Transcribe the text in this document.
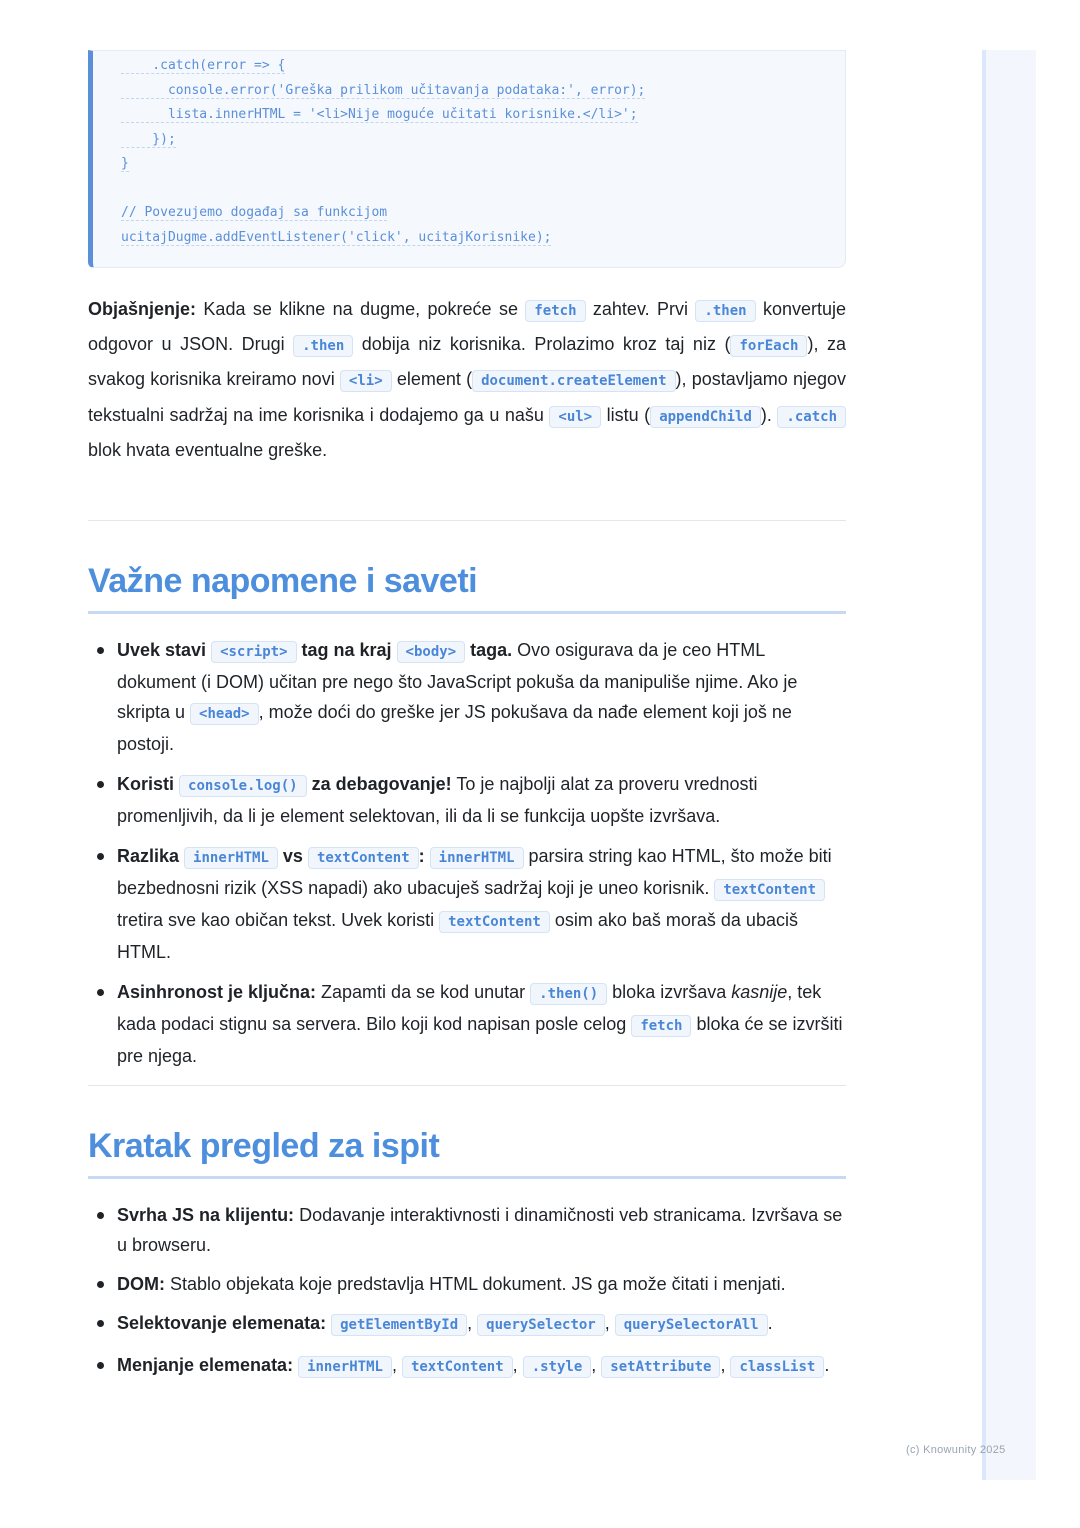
.catch(error => {
console.error('Greška prilikom učitavanja podataka:', error);
lista.innerHTML = '<li>Nije moguće učitati korisnike.</li>';
});
}
// Povezujemo događaj sa funkcijom
ucitajDugme.addEventListener('click', ucitajKorisnike);

Objašnjenje: Kada se klikne na dugme, pokreće se fetch zahtev. Prvi .then konvertuje odgovor u JSON. Drugi .then dobija niz korisnika. Prolazimo kroz taj niz ( forEach ), za svakog korisnika kreiramo novi <li> element ( document.createElement ), postavljamo njegov tekstualni sadržaj na ime korisnika i dodajemo ga u našu <ul> listu ( appendChild ). .catch blok hvata eventualne greške.

Važne napomene i saveti
Uvek stavi <script> tag na kraj <body> taga. Ovo osigurava da je ceo HTML dokument (i DOM) učitan pre nego što JavaScript pokuša da manipuliše njime. Ako je skripta u <head> , može doći do greške jer JS pokušava da nađe element koji još ne postoji.
Koristi console.log() za debagovanje! To je najbolji alat za proveru vrednosti promenljivih, da li je element selektovan, ili da li se funkcija uopšte izvršava.
Razlika innerHTML vs textContent : innerHTML parsira string kao HTML, što može biti bezbednosni rizik (XSS napadi) ako ubacuješ sadržaj koji je uneo korisnik. textContent tretira sve kao običan tekst. Uvek koristi textContent osim ako baš moraš da ubaciš HTML.
Asinhronost je ključna: Zapamti da se kod unutar .then() bloka izvršava kasnije, tek kada podaci stignu sa servera. Bilo koji kod napisan posle celog fetch bloka će se izvršiti pre njega.
Kratak pregled za ispit
Svrha JS na klijentu: Dodavanje interaktivnosti i dinamičnosti veb stranicama. Izvršava se u browseru.
DOM: Stablo objekata koje predstavlja HTML dokument. JS ga može čitati i menjati.
Selektovanje elemenata: getElementById , querySelector , querySelectorAll .
Menjanje elemenata: innerHTML , textContent , .style , setAttribute , classList .
(c) Knowunity 2025
